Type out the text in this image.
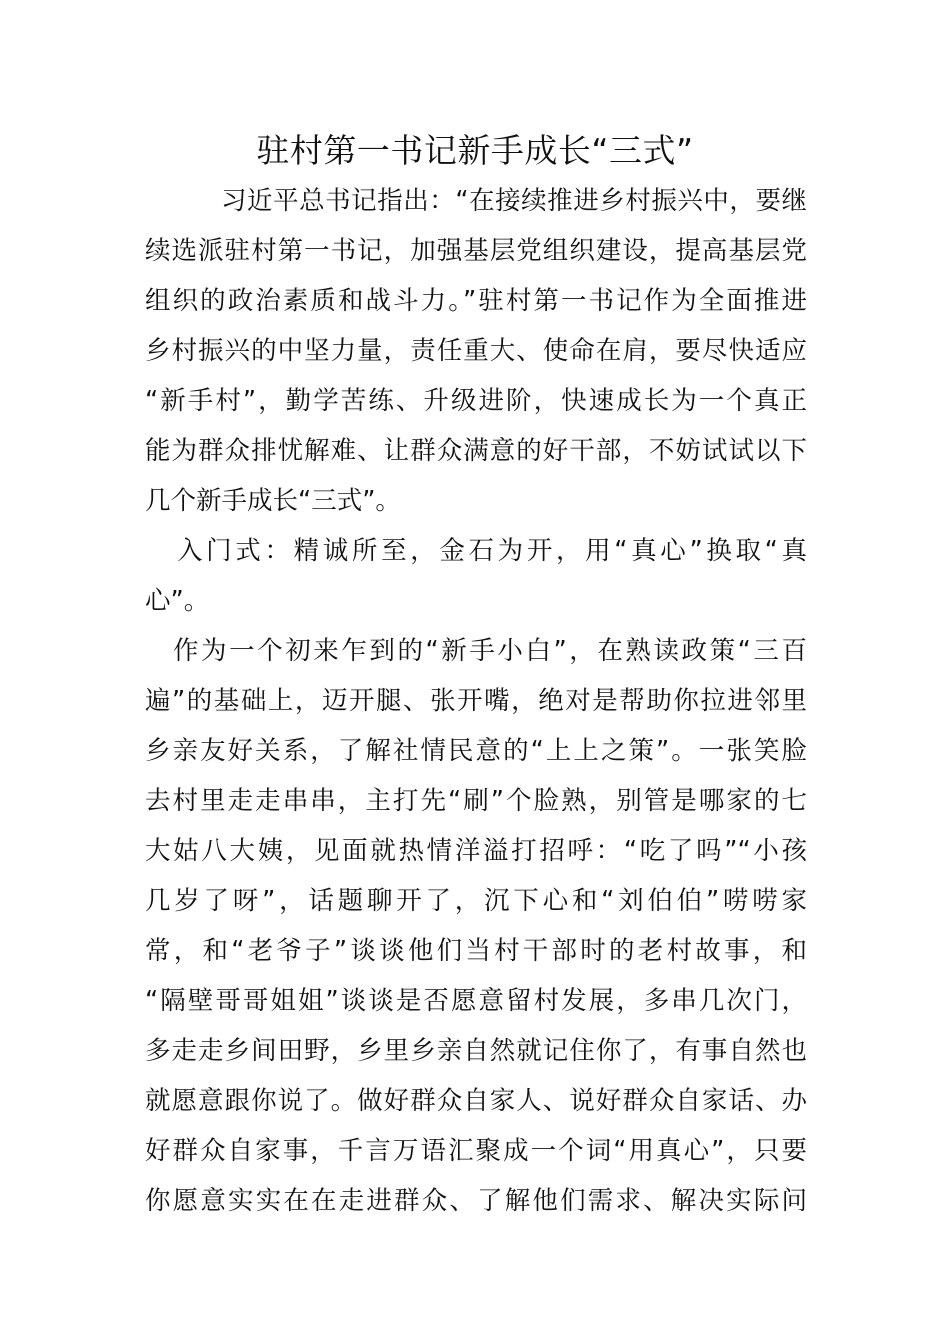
驻村第一书记新手成长“三式”
习近平总书记指出：“在接续推进乡村振兴中，要继
续选派驻村第一书记，加强基层党组织建设，提高基层党
组织的政治素质和战斗力。”驻村第一书记作为全面推进
乡村振兴的中坚力量，责任重大、使命在肩，要尽快适应
“新手村”，勤学苦练、升级进阶，快速成长为一个真正
能为群众排忧解难、让群众满意的好干部，不妨试试以下
几个新手成长“三式”。
入门式：精诚所至，金石为开，用“真心”换取“真
心”。
作为一个初来乍到的“新手小白”，在熟读政策“三百
遍”的基础上，迈开腿、张开嘴，绝对是帮助你拉进邻里
乡亲友好关系，了解社情民意的“上上之策”。一张笑脸
去村里走走串串，主打先“刷”个脸熟，别管是哪家的七
大姑八大姨，见面就热情洋溢打招呼：“吃了吗”“小孩
几岁了呀”，话题聊开了，沉下心和“刘伯伯”唠唠家
常，和“老爷子”谈谈他们当村干部时的老村故事，和
“隔壁哥哥姐姐”谈谈是否愿意留村发展，多串几次门，
多走走乡间田野，乡里乡亲自然就记住你了，有事自然也
就愿意跟你说了。做好群众自家人、说好群众自家话、办
好群众自家事，千言万语汇聚成一个词“用真心”，只要
你愿意实实在在走进群众、了解他们需求、解决实际问
